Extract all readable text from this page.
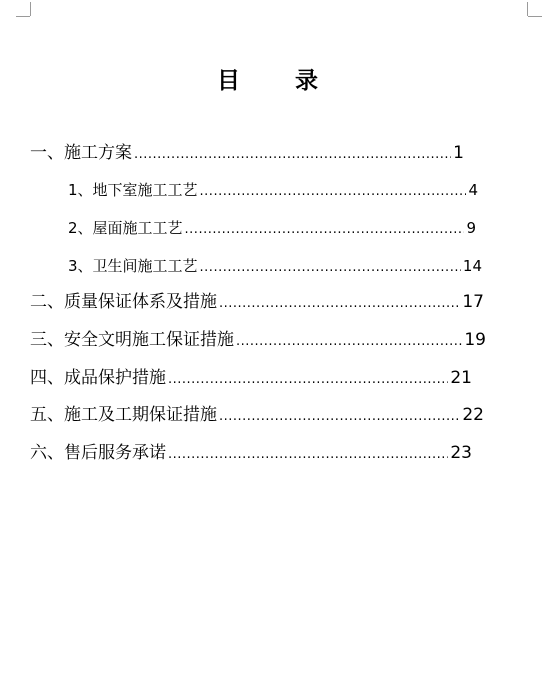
目      录
一、施工方案 .....	1
1、地下室施工工艺 .....	4
2、屋面施工工艺 .....	9
3、卫生间施工工艺 .....	14
二、质量保证体系及措施 .....	17
三、安全文明施工保证措施 .....	19
四、成品保护措施 .....	21
五、施工及工期保证措施 .....	22
六、售后服务承诺 .....	23
